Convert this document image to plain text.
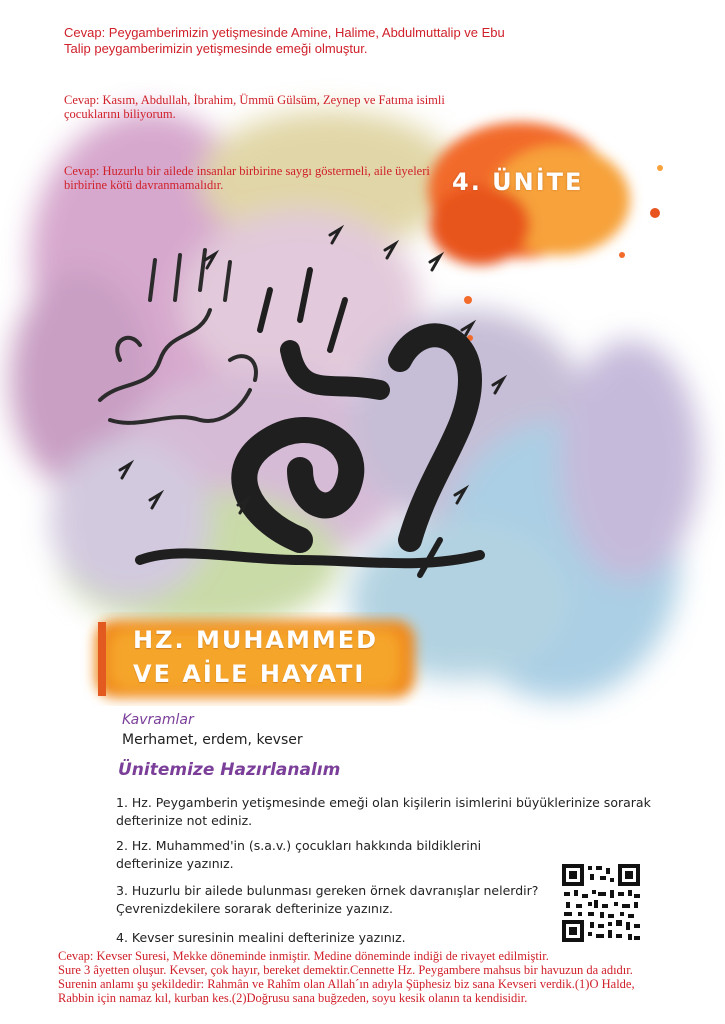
Cevap: Peygamberimizin yetişmesinde Amine, Halime, Abdulmuttalip ve Ebu Talip peygamberimizin yetişmesinde emeği olmuştur.
Cevap: Kasım, Abdullah, İbrahim, Ümmü Gülsüm, Zeynep ve Fatıma isimli çocuklarını biliyorum.
Cevap: Huzurlu bir ailede insanlar birbirine saygı göstermeli, aile üyeleri birbirine kötü davranmamalıdır.	4. ÜNİTE
HZ. MUHAMMED
VE AİLE HAYATI
Kavramlar
Merhamet, erdem, kevser
Ünitemize Hazırlanalım
1. Hz. Peygamberin yetişmesinde emeği olan kişilerin isimlerini büyüklerinize sorarak defterinize not ediniz.
2. Hz. Muhammed'in (s.a.v.) çocukları hakkında bildiklerini defterinize yazınız.
3. Huzurlu bir ailede bulunması gereken örnek davranışlar nelerdir? Çevrenizdekilere sorarak defterinize yazınız.
4. Kevser suresinin mealini defterinize yazınız.
Cevap: Kevser Suresi, Mekke döneminde inmiştir. Medine döneminde indiği de rivayet edilmiştir.
Sure 3 âyetten oluşur. Kevser, çok hayır, bereket demektir.Cennette Hz. Peygambere mahsus bir havuzun da adıdır.
Surenin anlamı şu şekildedir: Rahmân ve Rahîm olan Allah´ın adıyla Şüphesiz biz sana Kevseri verdik.(1)O Halde,
Rabbin için namaz kıl, kurban kes.(2)Doğrusu sana buğzeden, soyu kesik olanın ta kendisidir.
